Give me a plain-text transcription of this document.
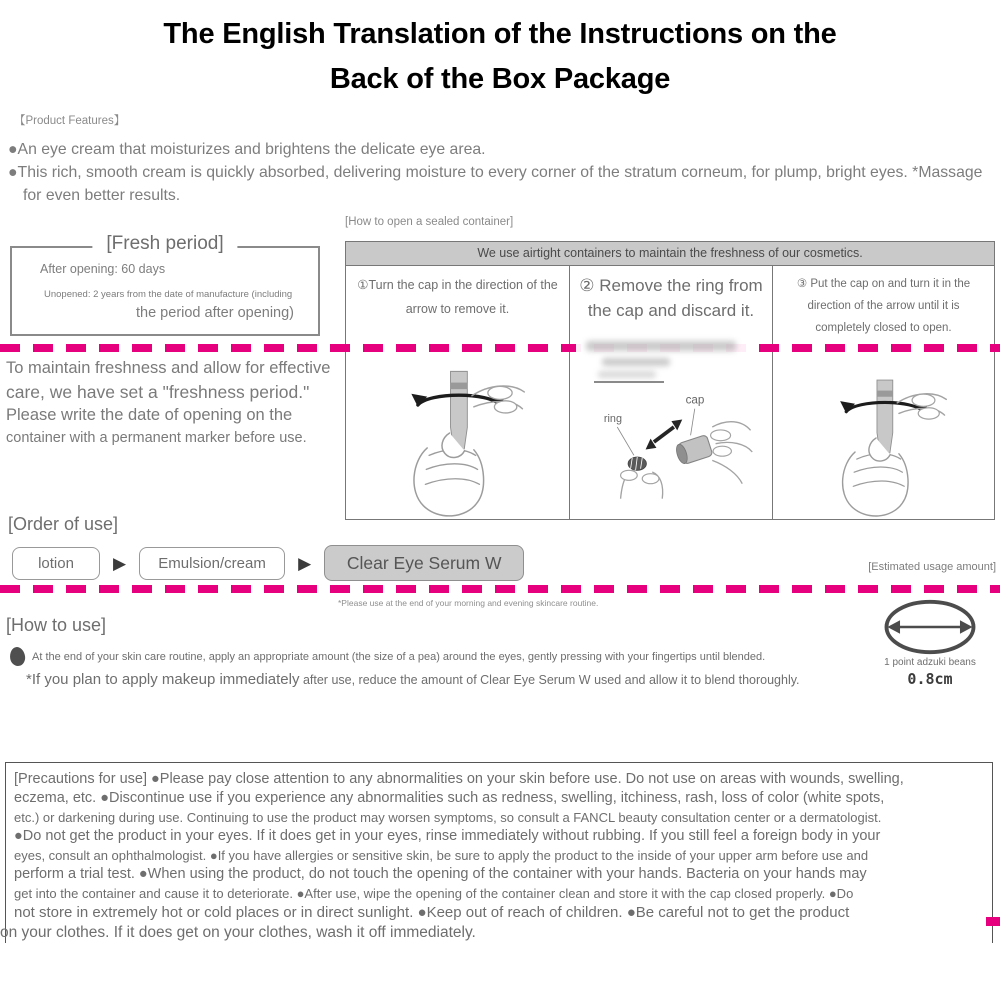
The English Translation of the Instructions on the
Back of the Box Package
【Product Features】
●An eye cream that moisturizes and brightens the delicate eye area.
●This rich, smooth cream is quickly absorbed, delivering moisture to every corner of the stratum corneum, for plump, bright eyes. *Massage for even better results.
[Fresh period]
After opening: 60 days
Unopened: 2 years from the date of manufacture (including
the period after opening)
[How to open a sealed container]
We use airtight containers to maintain the freshness of our cosmetics.
①Turn the cap in the direction of the arrow to remove it.
② Remove the ring from the cap and discard it.
ring
cap
③ Put the cap on and turn it in the direction of the arrow until it is completely closed to open.
To maintain freshness and allow for effective
care, we have set a "freshness period."
Please write the date of opening on the
container with a permanent marker before use.
[Order of use]
lotion	▶	Emulsion/cream	▶	Clear Eye Serum W	[Estimated usage amount]
*Please use at the end of your morning and evening skincare routine.
[How to use]
At the end of your skin care routine, apply an appropriate amount (the size of a pea) around the eyes, gently pressing with your fingertips until blended.
*If you plan to apply makeup immediately after use, reduce the amount of Clear Eye Serum W used and allow it to blend thoroughly.
1 point adzuki beans
0.8cm
[Precautions for use] ●Please pay close attention to any abnormalities on your skin before use. Do not use on areas with wounds, swelling,
eczema, etc. ●Discontinue use if you experience any abnormalities such as redness, swelling, itchiness, rash, loss of color (white spots,
etc.) or darkening during use. Continuing to use the product may worsen symptoms, so consult a FANCL beauty consultation center or a dermatologist.
●Do not get the product in your eyes. If it does get in your eyes, rinse immediately without rubbing. If you still feel a foreign body in your
eyes, consult an ophthalmologist. ●If you have allergies or sensitive skin, be sure to apply the product to the inside of your upper arm before use and
perform a trial test. ●When using the product, do not touch the opening of the container with your hands. Bacteria on your hands may
get into the container and cause it to deteriorate. ●After use, wipe the opening of the container clean and store it with the cap closed properly. ●Do
not store in extremely hot or cold places or in direct sunlight. ●Keep out of reach of children. ●Be careful not to get the product
on your clothes. If it does get on your clothes, wash it off immediately.
